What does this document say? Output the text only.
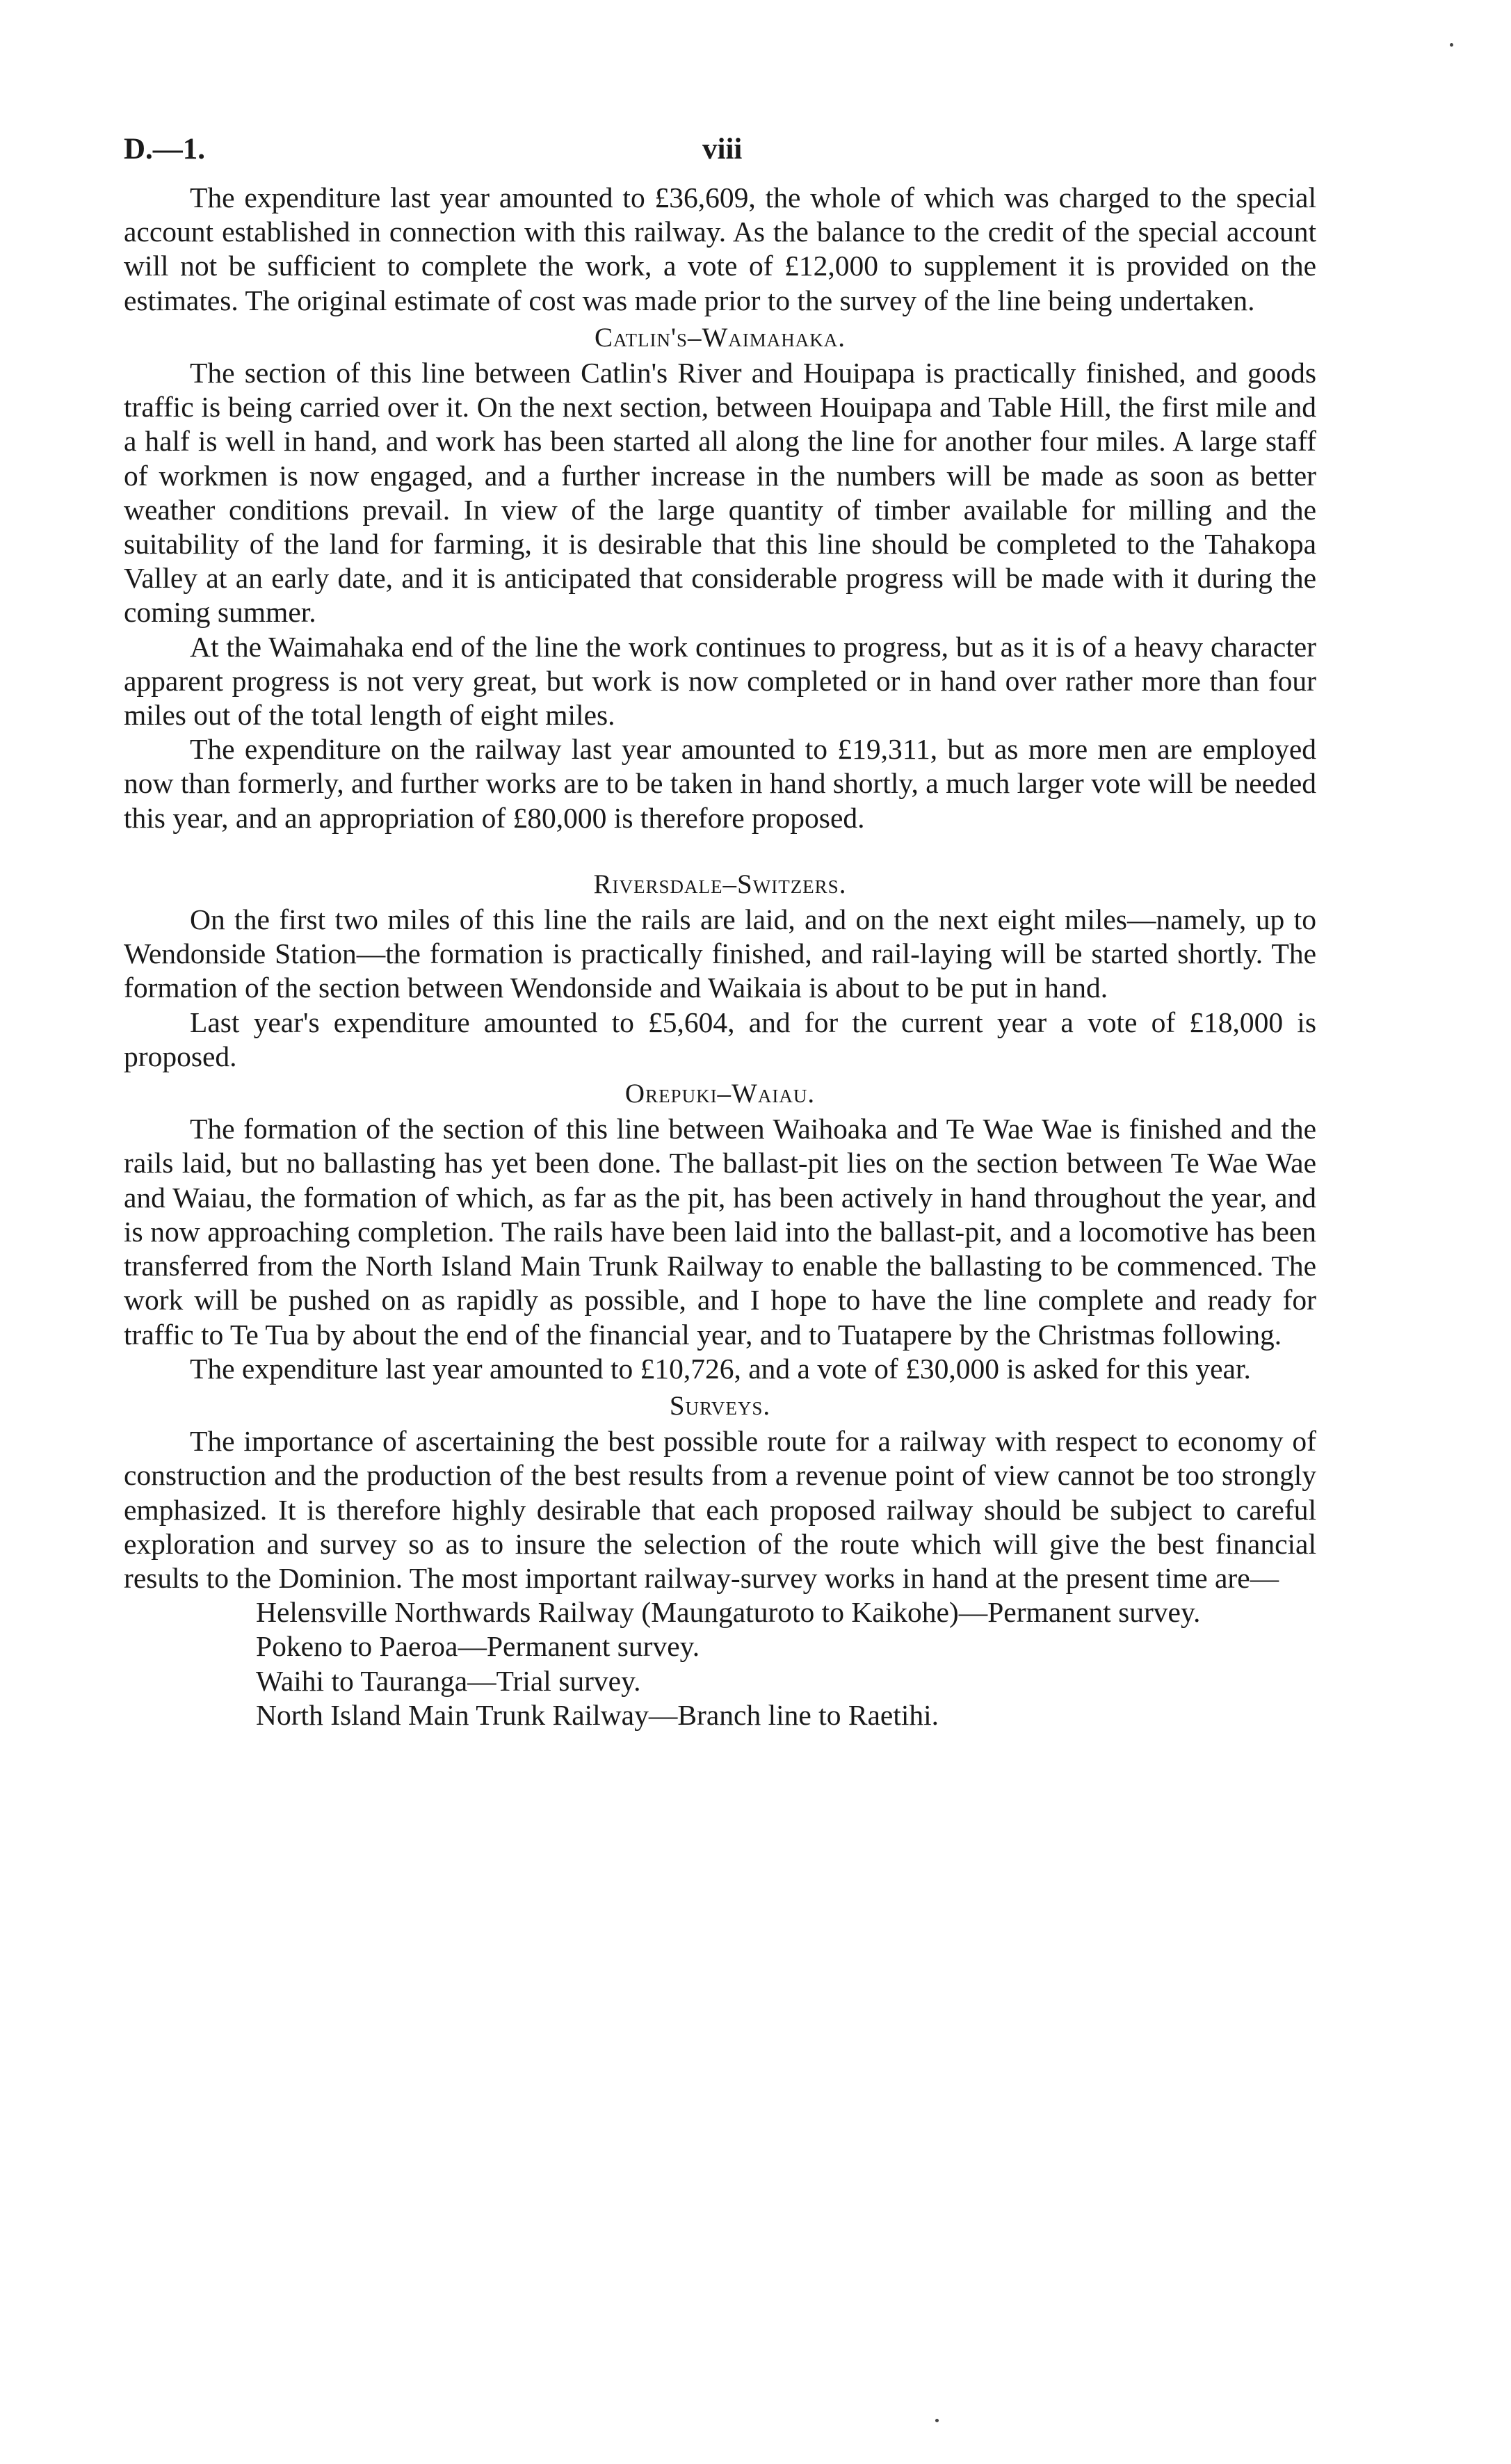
D.—1.	viii

The expenditure last year amounted to £36,609, the whole of which was charged to the special account established in connection with this railway. As the balance to the credit of the special account will not be sufficient to complete the work, a vote of £12,000 to supplement it is provided on the estimates. The original estimate of cost was made prior to the survey of the line being undertaken.

Catlin's–Waimahaka.

The section of this line between Catlin's River and Houipapa is practically finished, and goods traffic is being carried over it. On the next section, between Houipapa and Table Hill, the first mile and a half is well in hand, and work has been started all along the line for another four miles. A large staff of workmen is now engaged, and a further increase in the numbers will be made as soon as better weather conditions prevail. In view of the large quantity of timber available for milling and the suitability of the land for farming, it is desirable that this line should be completed to the Tahakopa Valley at an early date, and it is anticipated that considerable progress will be made with it during the coming summer.

At the Waimahaka end of the line the work continues to progress, but as it is of a heavy character apparent progress is not very great, but work is now completed or in hand over rather more than four miles out of the total length of eight miles.

The expenditure on the railway last year amounted to £19,311, but as more men are employed now than formerly, and further works are to be taken in hand shortly, a much larger vote will be needed this year, and an appropriation of £80,000 is therefore proposed.

Riversdale–Switzers.

On the first two miles of this line the rails are laid, and on the next eight miles—namely, up to Wendonside Station—the formation is practically finished, and rail-laying will be started shortly. The formation of the section between Wendonside and Waikaia is about to be put in hand.

Last year's expenditure amounted to £5,604, and for the current year a vote of £18,000 is proposed.

Orepuki–Waiau.

The formation of the section of this line between Waihoaka and Te Wae Wae is finished and the rails laid, but no ballasting has yet been done. The ballast-pit lies on the section between Te Wae Wae and Waiau, the formation of which, as far as the pit, has been actively in hand throughout the year, and is now approaching completion. The rails have been laid into the ballast-pit, and a locomotive has been transferred from the North Island Main Trunk Railway to enable the ballasting to be commenced. The work will be pushed on as rapidly as possible, and I hope to have the line complete and ready for traffic to Te Tua by about the end of the financial year, and to Tuatapere by the Christmas following.

The expenditure last year amounted to £10,726, and a vote of £30,000 is asked for this year.

Surveys.

The importance of ascertaining the best possible route for a railway with respect to economy of construction and the production of the best results from a revenue point of view cannot be too strongly emphasized. It is therefore highly desirable that each proposed railway should be subject to careful exploration and survey so as to insure the selection of the route which will give the best financial results to the Dominion. The most important railway-survey works in hand at the present time are—

Helensville Northwards Railway (Maungaturoto to Kaikohe)—Permanent survey.
Pokeno to Paeroa—Permanent survey.
Waihi to Tauranga—Trial survey.
North Island Main Trunk Railway—Branch line to Raetihi.
